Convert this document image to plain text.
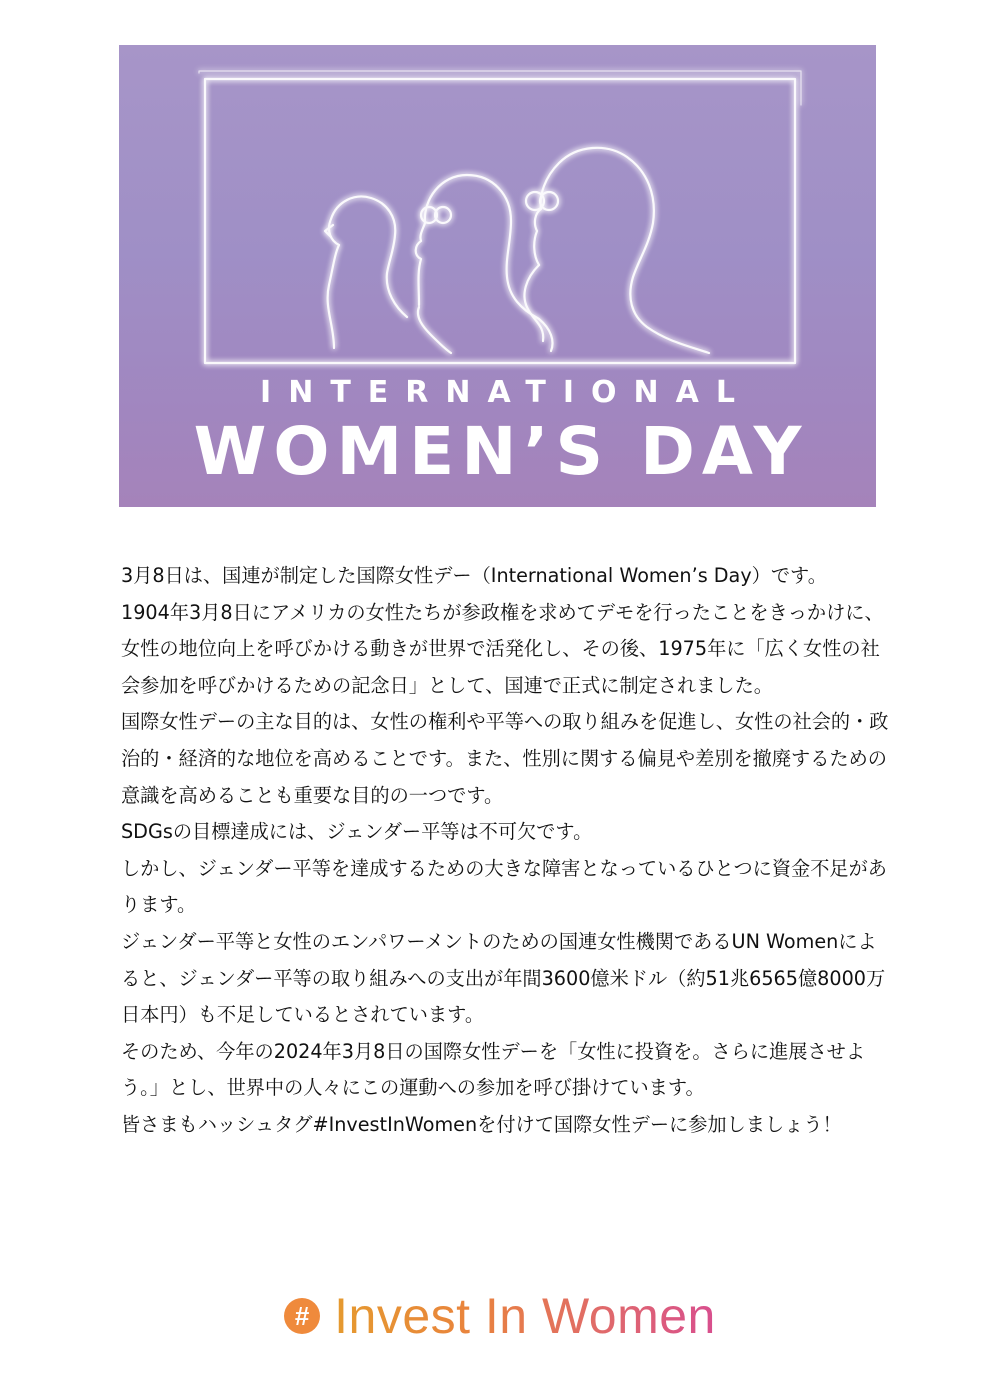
INTERNATIONAL
WOMEN’S DAY

3月8日は、国連が制定した国際女性デー（International Women’s Day）です。

1904年3月8日にアメリカの女性たちが参政権を求めてデモを行ったことをきっかけに、女性の地位向上を呼びかける動きが世界で活発化し、その後、1975年に「広く女性の社会参加を呼びかけるための記念日」として、国連で正式に制定されました。

国際女性デーの主な目的は、女性の権利や平等への取り組みを促進し、女性の社会的・政治的・経済的な地位を高めることです。また、性別に関する偏見や差別を撤廃するための意識を高めることも重要な目的の一つです。

SDGsの目標達成には、ジェンダー平等は不可欠です。

しかし、ジェンダー平等を達成するための大きな障害となっているひとつに資金不足があります。

ジェンダー平等と女性のエンパワーメントのための国連女性機関であるUN Womenによると、ジェンダー平等の取り組みへの支出が年間3600億米ドル（約51兆6565億8000万日本円）も不足しているとされています。

そのため、今年の2024年3月8日の国際女性デーを「女性に投資を。さらに進展させよう。」とし、世界中の人々にこの運動への参加を呼び掛けています。

皆さまもハッシュタグ#InvestInWomenを付けて国際女性デーに参加しましょう！

# Invest In Women
